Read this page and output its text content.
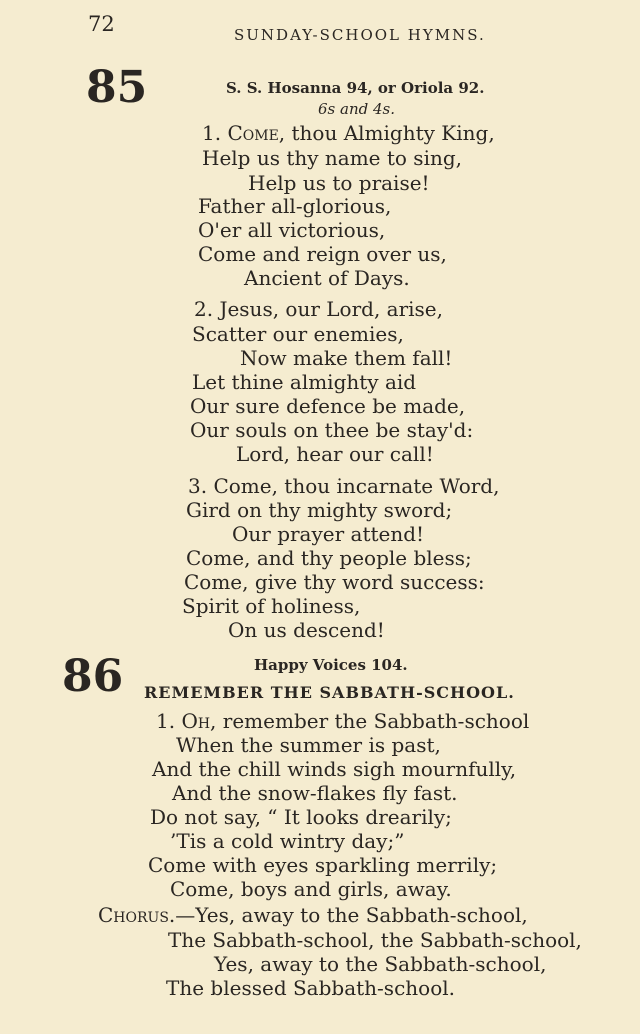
72	SUNDAY-SCHOOL HYMNS.
85	S. S. Hosanna 94, or Oriola 92.
6s and 4s.
1. Come, thou Almighty King,
Help us thy name to sing,
Help us to praise!
Father all-glorious,
O'er all victorious,
Come and reign over us,
Ancient of Days.
2. Jesus, our Lord, arise,
Scatter our enemies,
Now make them fall!
Let thine almighty aid
Our sure defence be made,
Our souls on thee be stay'd:
Lord, hear our call!
3. Come, thou incarnate Word,
Gird on thy mighty sword;
Our prayer attend!
Come, and thy people bless;
Come, give thy word success:
Spirit of holiness,
On us descend!
86	Happy Voices 104.
REMEMBER THE SABBATH-SCHOOL.
1. Oh, remember the Sabbath-school
When the summer is past,
And the chill winds sigh mournfully,
And the snow-flakes fly fast.
Do not say, “ It looks drearily;
’Tis a cold wintry day;”
Come with eyes sparkling merrily;
Come, boys and girls, away.
Chorus.—Yes, away to the Sabbath-school,
The Sabbath-school, the Sabbath-school,
Yes, away to the Sabbath-school,
The blessed Sabbath-school.
